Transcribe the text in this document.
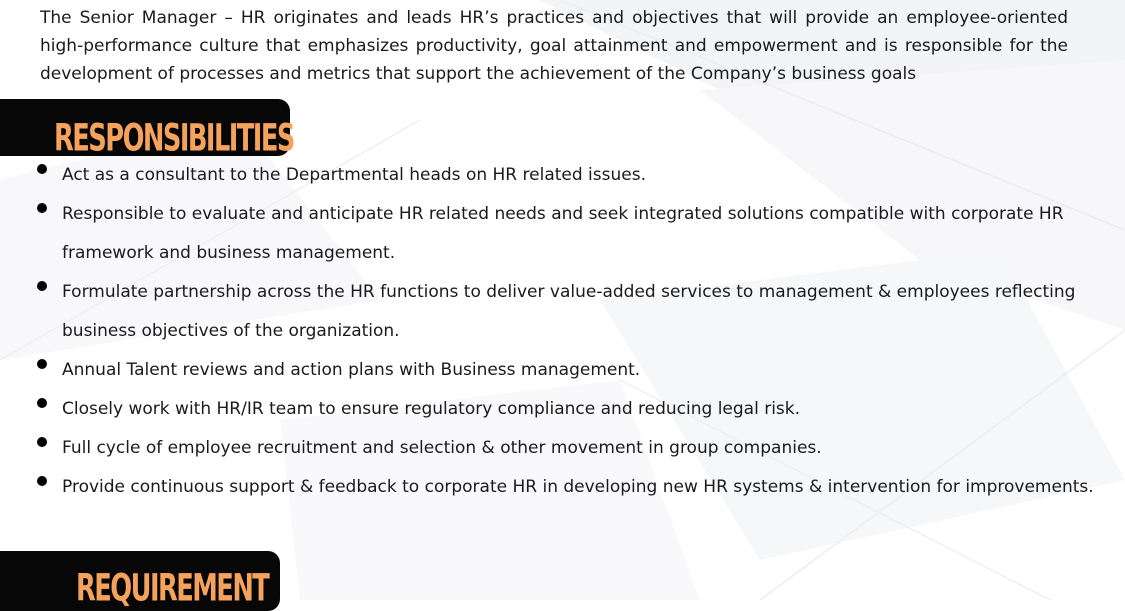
The Senior Manager – HR originates and leads HR’s practices and objectives that will provide an employee-oriented high-performance culture that emphasizes productivity, goal attainment and empowerment and is responsible for the development of processes and metrics that support the achievement of the Company’s business goals

RESPONSIBILITIES
Act as a consultant to the Departmental heads on HR related issues.
Responsible to evaluate and anticipate HR related needs and seek integrated solutions compatible with corporate HR framework and business management.
Formulate partnership across the HR functions to deliver value-added services to management & employees reflecting business objectives of the organization.
Annual Talent reviews and action plans with Business management.
Closely work with HR/IR team to ensure regulatory compliance and reducing legal risk.
Full cycle of employee recruitment and selection & other movement in group companies.
Provide continuous support & feedback to corporate HR in developing new HR systems & intervention for improvements.
REQUIREMENT
